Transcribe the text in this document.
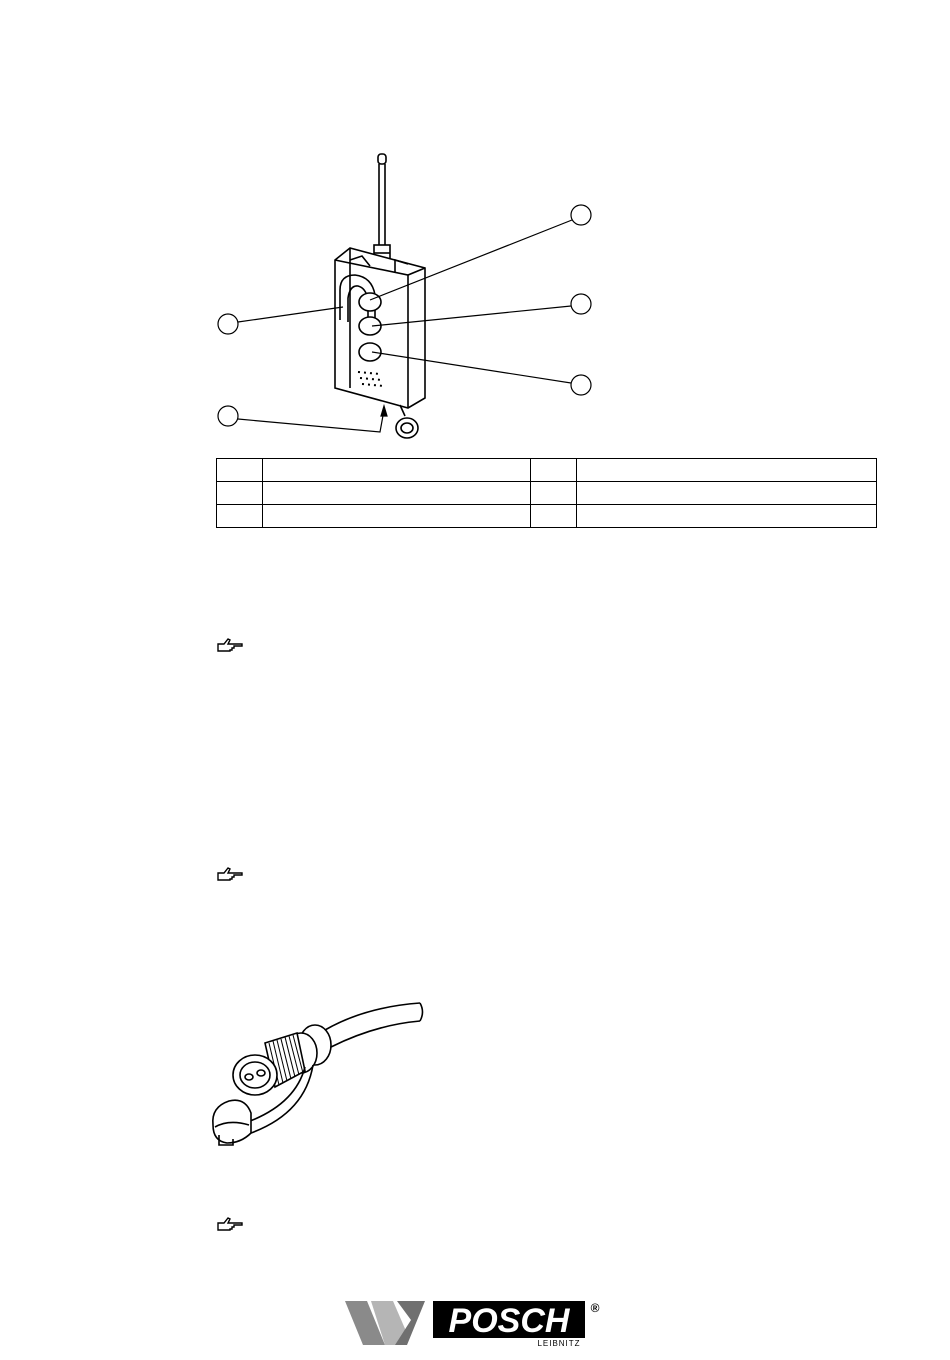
POSCH
LEIBNITZ
®
